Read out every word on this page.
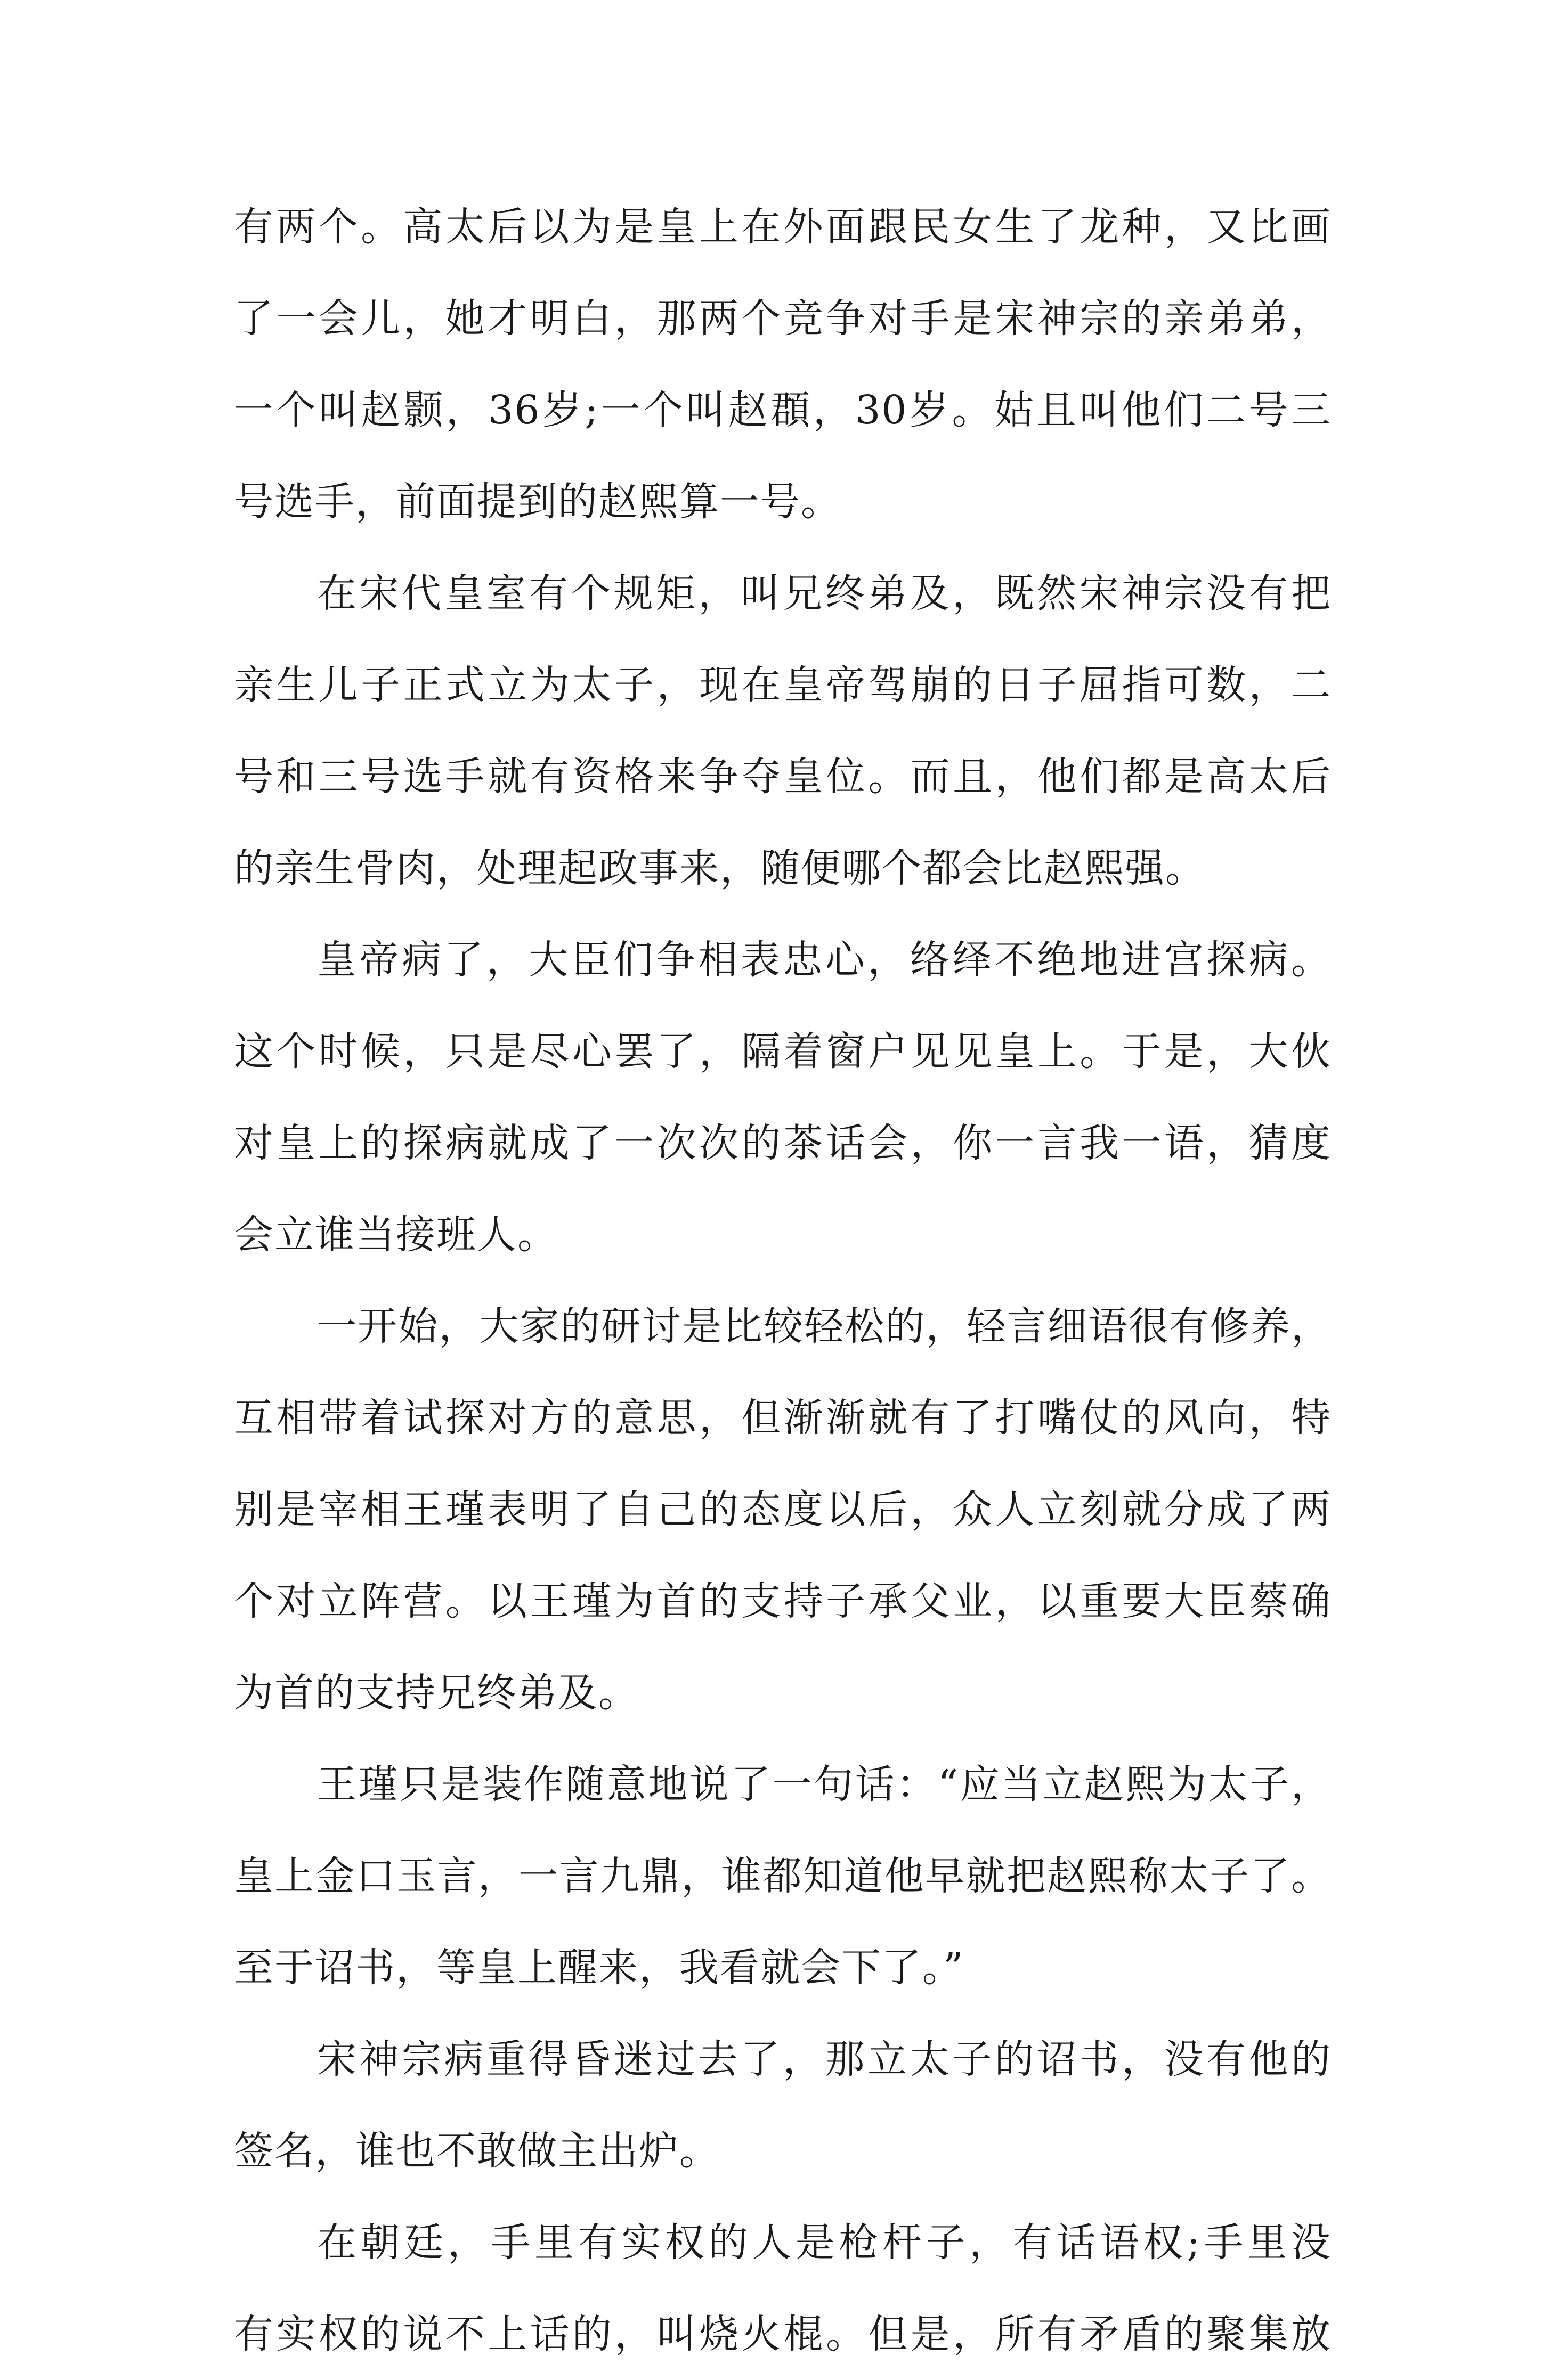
有两个。高太后以为是皇上在外面跟民女生了龙种，又比画
了一会儿，她才明白，那两个竞争对手是宋神宗的亲弟弟，
一个叫赵颢，36岁;一个叫赵頵，30岁。姑且叫他们二号三
号选手，前面提到的赵熙算一号。
在宋代皇室有个规矩，叫兄终弟及，既然宋神宗没有把
亲生儿子正式立为太子，现在皇帝驾崩的日子屈指可数，二
号和三号选手就有资格来争夺皇位。而且，他们都是高太后
的亲生骨肉，处理起政事来，随便哪个都会比赵熙强。
皇帝病了，大臣们争相表忠心，络绎不绝地进宫探病。
这个时候，只是尽心罢了，隔着窗户见见皇上。于是，大伙
对皇上的探病就成了一次次的茶话会，你一言我一语，猜度
会立谁当接班人。
一开始，大家的研讨是比较轻松的，轻言细语很有修养，
互相带着试探对方的意思，但渐渐就有了打嘴仗的风向，特
别是宰相王瑾表明了自己的态度以后，众人立刻就分成了两
个对立阵营。以王瑾为首的支持子承父业，以重要大臣蔡确
为首的支持兄终弟及。
王瑾只是装作随意地说了一句话：“应当立赵熙为太子，
皇上金口玉言，一言九鼎，谁都知道他早就把赵熙称太子了。
至于诏书，等皇上醒来，我看就会下了。”
宋神宗病重得昏迷过去了，那立太子的诏书，没有他的
签名，谁也不敢做主出炉。
在朝廷，手里有实权的人是枪杆子，有话语权;手里没
有实权的说不上话的，叫烧火棍。但是，所有矛盾的聚集放
